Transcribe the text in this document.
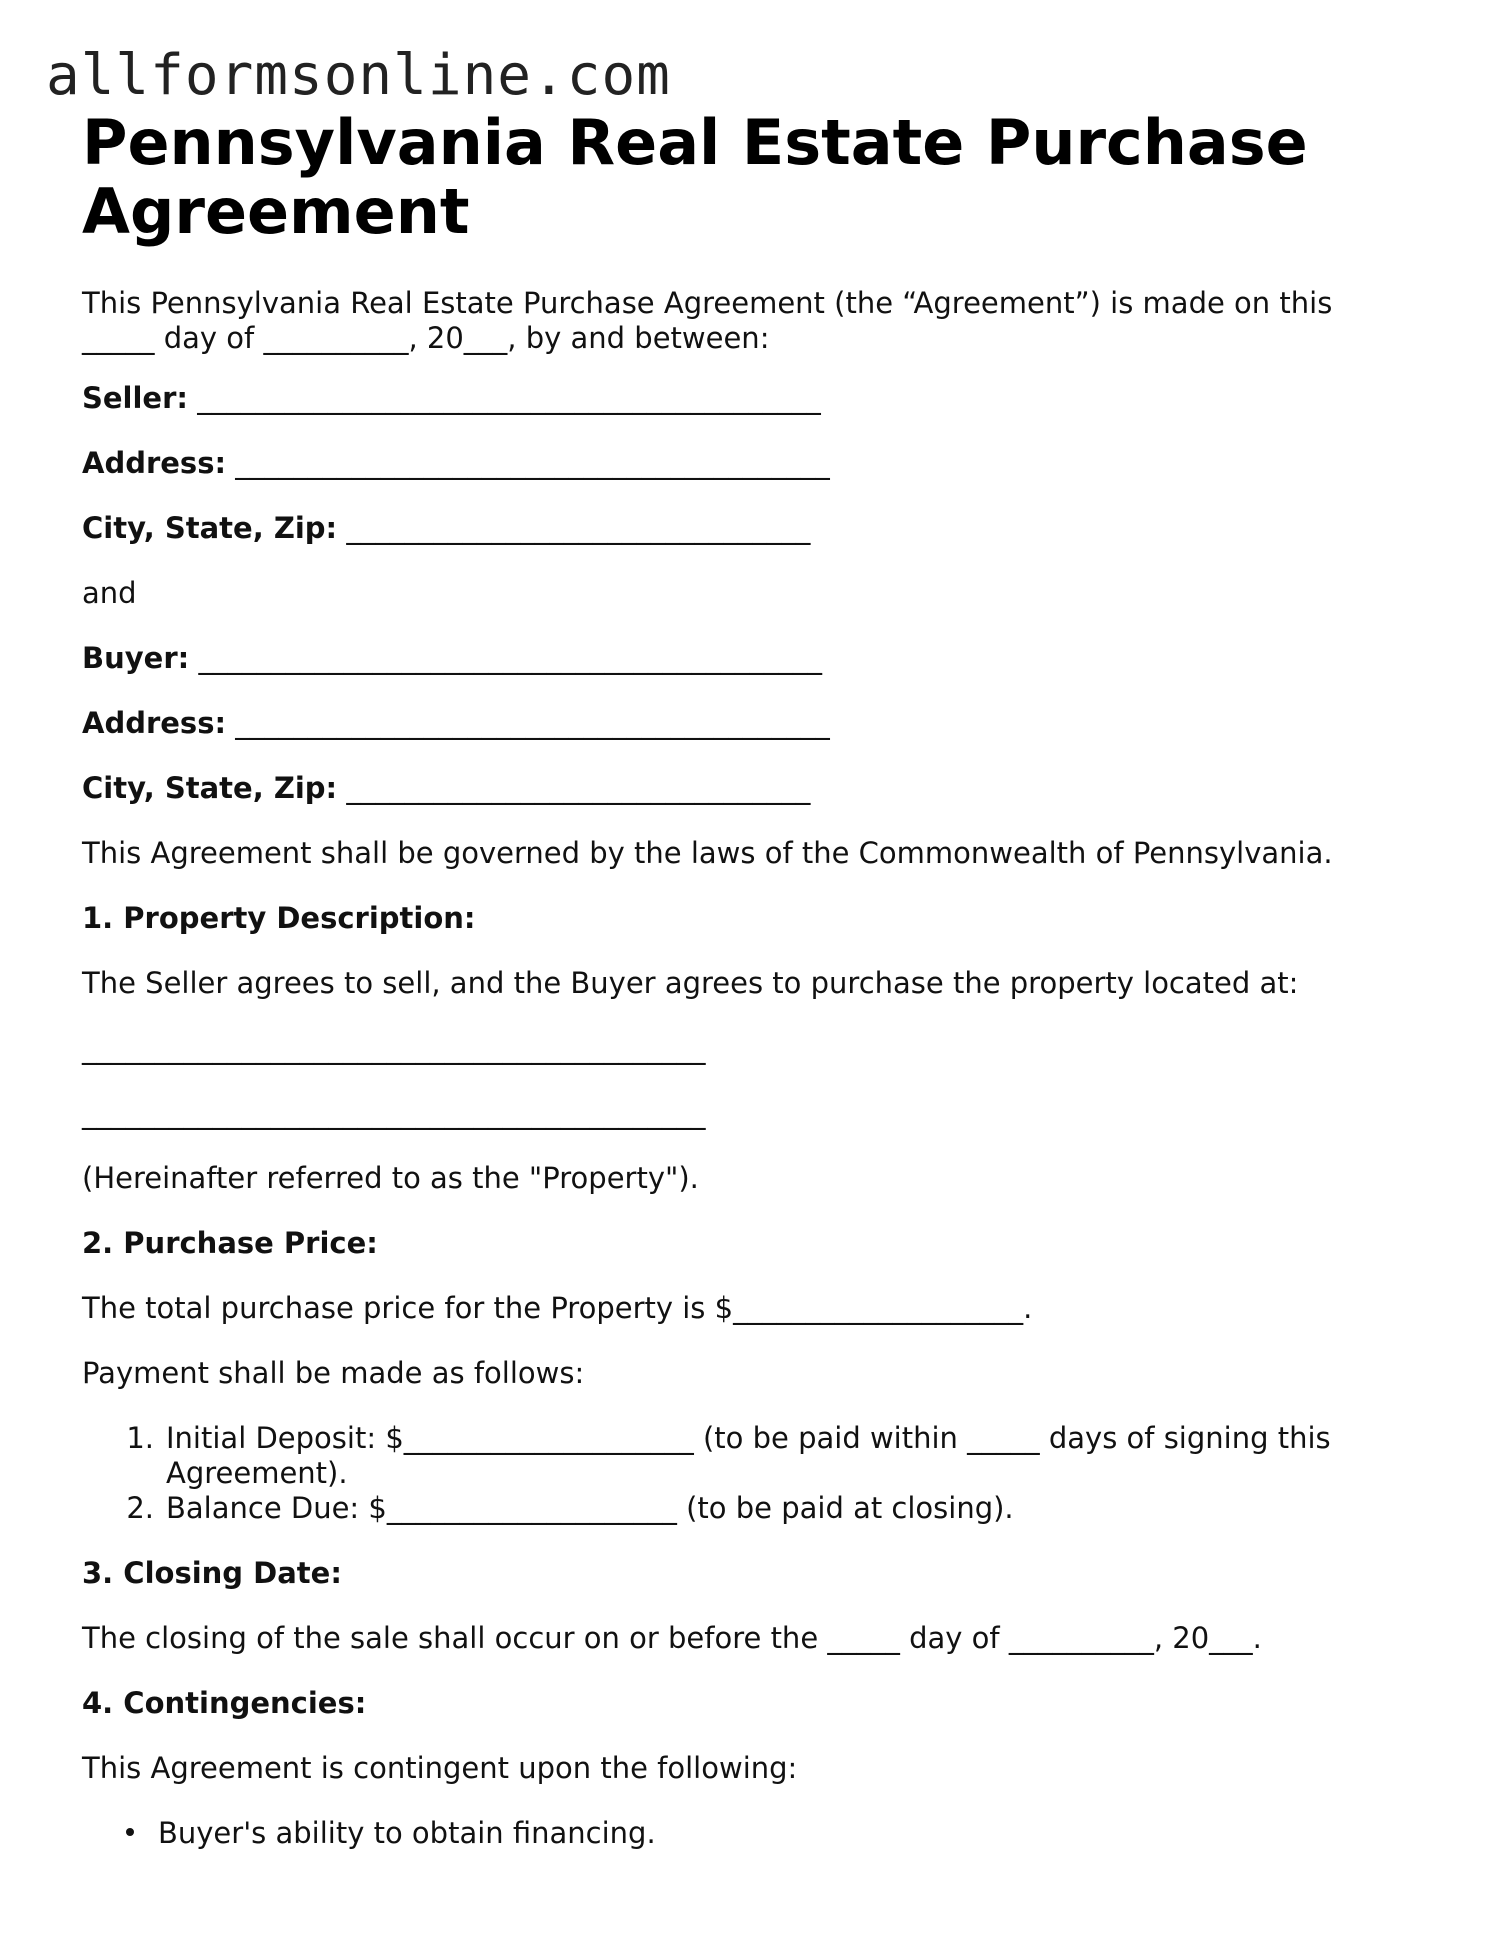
allformsonline.com
Pennsylvania Real Estate Purchase Agreement

This Pennsylvania Real Estate Purchase Agreement (the “Agreement”) is made on this _____ day of __________, 20___, by and between:

Seller: ___________________________________________
Address: _________________________________________
City, State, Zip: ________________________________
and
Buyer: ___________________________________________
Address: _________________________________________
City, State, Zip: ________________________________
This Agreement shall be governed by the laws of the Commonwealth of Pennsylvania.
1. Property Description:
The Seller agrees to sell, and the Buyer agrees to purchase the property located at:
___________________________________________
___________________________________________
(Hereinafter referred to as the "Property").
2. Purchase Price:
The total purchase price for the Property is $____________________.
Payment shall be made as follows:
1. Initial Deposit: $____________________ (to be paid within _____ days of signing this Agreement).
2. Balance Due: $____________________ (to be paid at closing).
3. Closing Date:
The closing of the sale shall occur on or before the _____ day of __________, 20___.
4. Contingencies:
This Agreement is contingent upon the following:
Buyer's ability to obtain financing.
